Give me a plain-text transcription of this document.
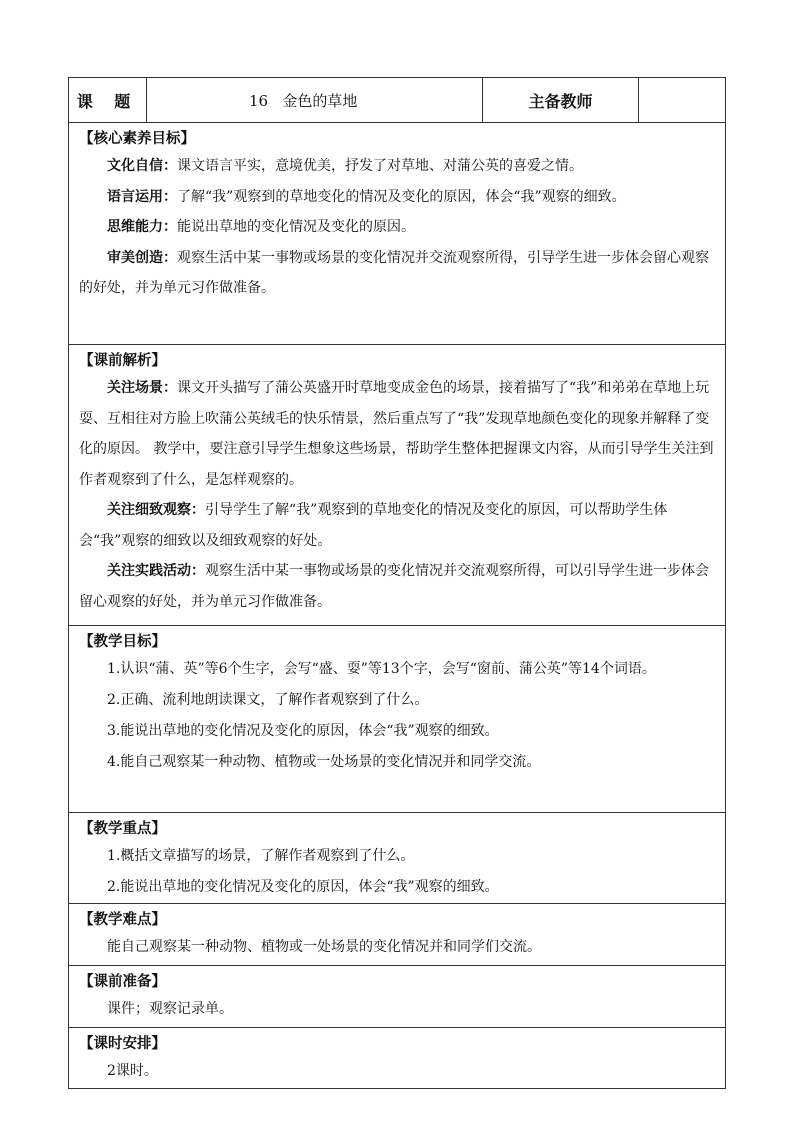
课 题	16   金色的草地	主备教师
【核心素养目标】
文化自信：课文语言平实，意境优美，抒发了对草地、对蒲公英的喜爱之情。
语言运用：了解“我”观察到的草地变化的情况及变化的原因，体会“我”观察的细致。
思维能力：能说出草地的变化情况及变化的原因。
审美创造：观察生活中某一事物或场景的变化情况并交流观察所得，引导学生进一步体会留心观察的好处，并为单元习作做准备。
【课前解析】
关注场景：课文开头描写了蒲公英盛开时草地变成金色的场景，接着描写了“我”和弟弟在草地上玩耍、互相往对方脸上吹蒲公英绒毛的快乐情景，然后重点写了“我”发现草地颜色变化的现象并解释了变化的原因。 教学中，要注意引导学生想象这些场景，帮助学生整体把握课文内容，从而引导学生关注到作者观察到了什么，是怎样观察的。
关注细致观察：引导学生了解“我”观察到的草地变化的情况及变化的原因，可以帮助学生体会“我”观察的细致以及细致观察的好处。
关注实践活动：观察生活中某一事物或场景的变化情况并交流观察所得，可以引导学生进一步体会留心观察的好处，并为单元习作做准备。
【教学目标】
1.认识“蒲、英”等6个生字，会写“盛、耍”等13个字，会写“窗前、蒲公英”等14个词语。
2.正确、流利地朗读课文，了解作者观察到了什么。
3.能说出草地的变化情况及变化的原因，体会“我”观察的细致。
4.能自己观察某一种动物、植物或一处场景的变化情况并和同学交流。
【教学重点】
1.概括文章描写的场景，了解作者观察到了什么。
2.能说出草地的变化情况及变化的原因，体会“我”观察的细致。
【教学难点】
能自己观察某一种动物、植物或一处场景的变化情况并和同学们交流。
【课前准备】
课件；观察记录单。
【课时安排】
2课时。
